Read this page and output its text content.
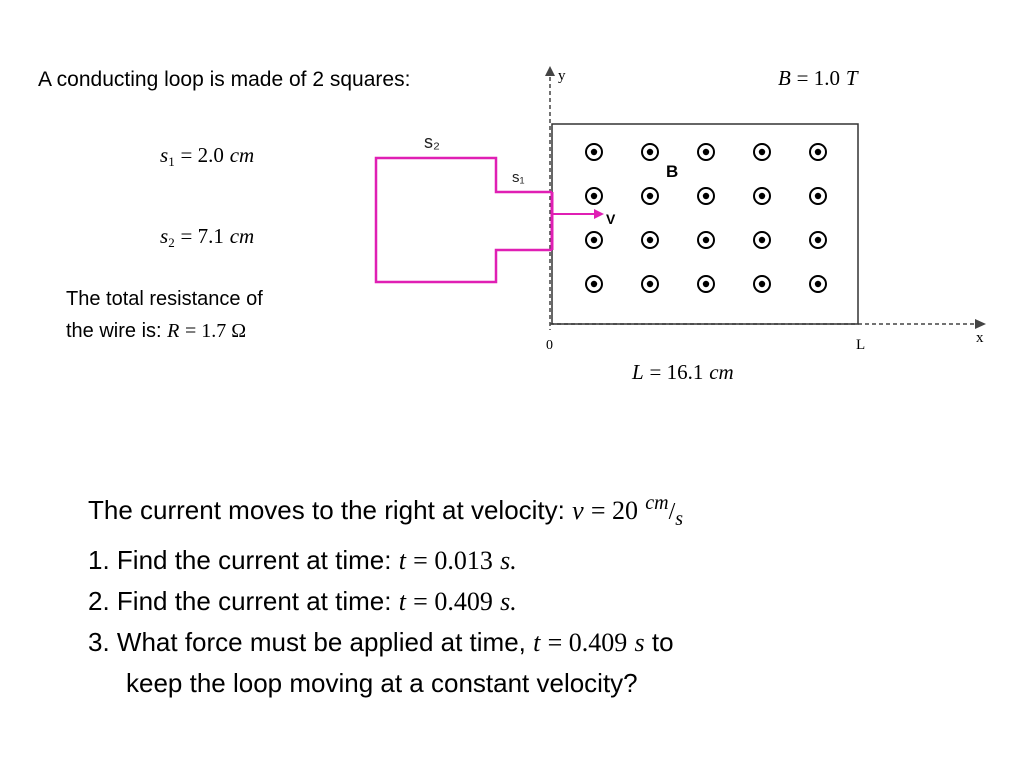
A conducting loop is made of 2 squares:
$s_1 = 2.0$ cm
$s_2 = 7.1$ cm
The total resistance of
the wire is: R = 1.7 Ω
B = 1.0 T
L = 16.1 cm
y
x
0	L
B
s₂
s₁
V
The current moves to the right at velocity: v = 20 $^{cm}/_s$
1. Find the current at time: t = 0.013 s.
2. Find the current at time: t = 0.409 s.
3. What force must be applied at time, t = 0.409 s to
keep the loop moving at a constant velocity?
